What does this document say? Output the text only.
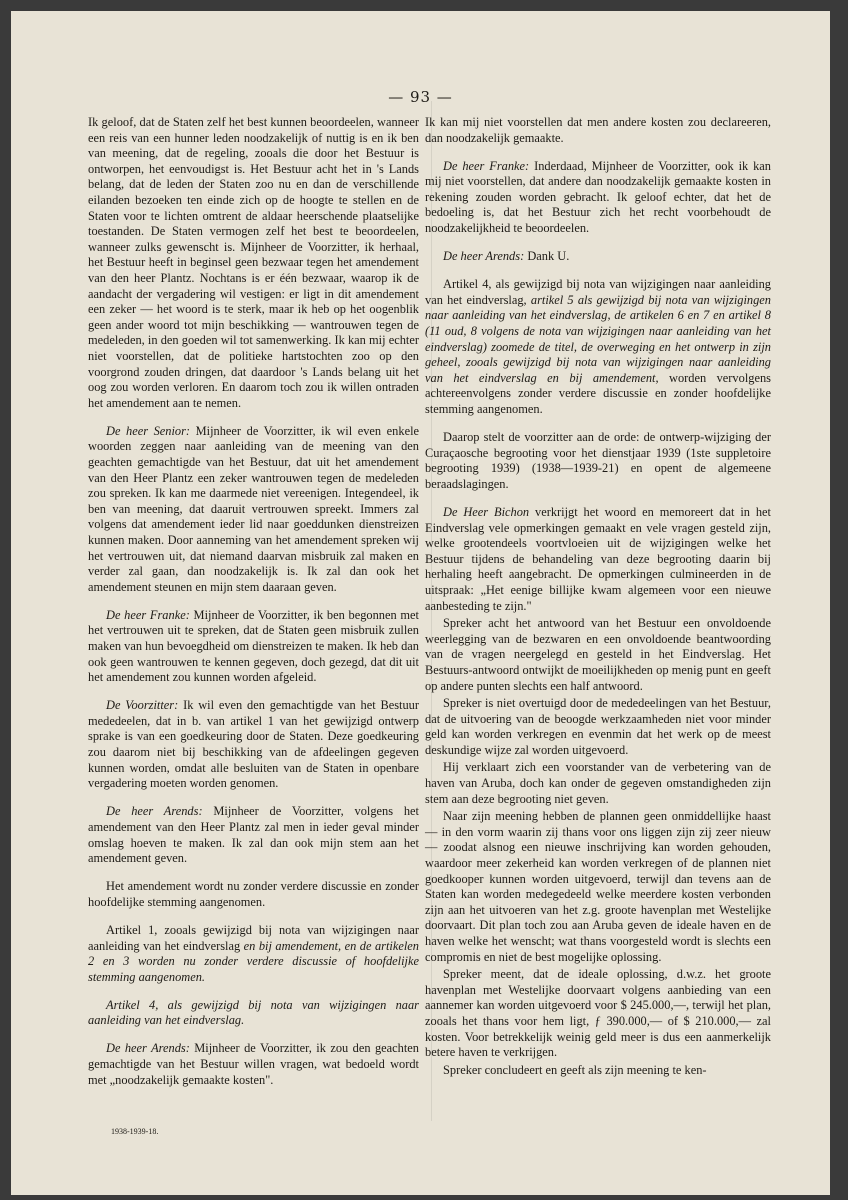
— 93 —

Ik geloof, dat de Staten zelf het best kunnen beoordeelen, wanneer een reis van een hunner leden noodzakelijk of nuttig is en ik ben van meening, dat de regeling, zooals die door het Bestuur is ontworpen, het eenvoudigst is. Het Bestuur acht het in 's Lands belang, dat de leden der Staten zoo nu en dan de verschillende eilanden bezoeken ten einde zich op de hoogte te stellen en de Staten voor te lichten omtrent de aldaar heerschende plaatselijke toestanden. De Staten vermogen zelf het best te beoordeelen, wanneer zulks gewenscht is. Mijnheer de Voorzitter, ik herhaal, het Bestuur heeft in beginsel geen bezwaar tegen het amendement van den heer Plantz. Nochtans is er één bezwaar, waarop ik de aandacht der vergadering wil vestigen: er ligt in dit amendement een zeker — het woord is te sterk, maar ik heb op het oogenblik geen ander woord tot mijn beschikking — wantrouwen tegen de medeleden, in den goeden wil tot samenwerking. Ik kan mij echter niet voorstellen, dat de politieke hartstochten zoo op den voorgrond zouden dringen, dat daardoor 's Lands belang uit het oog zou worden verloren. En daarom toch zou ik willen ontraden het amendement aan te nemen.

De heer Senior: Mijnheer de Voorzitter, ik wil even enkele woorden zeggen naar aanleiding van de meening van den geachten gemachtigde van het Bestuur, dat uit het amendement van den Heer Plantz een zeker wantrouwen tegen de medeleden zou spreken. Ik kan me daarmede niet vereenigen. Integendeel, ik ben van meening, dat daaruit vertrouwen spreekt. Immers zal volgens dat amendement ieder lid naar goeddunken dienstreizen kunnen maken. Door aanneming van het amendement spreken wij het vertrouwen uit, dat niemand daarvan misbruik zal maken en verder zal gaan, dan noodzakelijk is. Ik zal dan ook het amendement steunen en mijn stem daaraan geven.

De heer Franke: Mijnheer de Voorzitter, ik ben begonnen met het vertrouwen uit te spreken, dat de Staten geen misbruik zullen maken van hun bevoegdheid om dienstreizen te maken. Ik heb dan ook geen wantrouwen te kennen gegeven, doch gezegd, dat dit uit het amendement zou kunnen worden afgeleid.

De Voorzitter: Ik wil even den gemachtigde van het Bestuur mededeelen, dat in b. van artikel 1 van het gewijzigd ontwerp sprake is van een goedkeuring door de Staten. Deze goedkeuring zou daarom niet bij beschikking van de afdeelingen gegeven kunnen worden, omdat alle besluiten van de Staten in openbare vergadering moeten worden genomen.

De heer Arends: Mijnheer de Voorzitter, volgens het amendement van den Heer Plantz zal men in ieder geval minder omslag hoeven te maken. Ik zal dan ook mijn stem aan het amendement geven.

Het amendement wordt nu zonder verdere discussie en zonder hoofdelijke stemming aangenomen.

Artikel 1, zooals gewijzigd bij nota van wijzigingen naar aanleiding van het eindverslag en bij amendement, en de artikelen 2 en 3 worden nu zonder verdere discussie of hoofdelijke stemming aangenomen.

Artikel 4, als gewijzigd bij nota van wijzigingen naar aanleiding van het eindverslag.

De heer Arends: Mijnheer de Voorzitter, ik zou den geachten gemachtigde van het Bestuur willen vragen, wat bedoeld wordt met „noodzakelijk gemaakte kosten".

Ik kan mij niet voorstellen dat men andere kosten zou declareeren, dan noodzakelijk gemaakte.

De heer Franke: Inderdaad, Mijnheer de Voorzitter, ook ik kan mij niet voorstellen, dat andere dan noodzakelijk gemaakte kosten in rekening zouden worden gebracht. Ik geloof echter, dat het de bedoeling is, dat het Bestuur zich het recht voorbehoudt de noodzakelijkheid te beoordeelen.

De heer Arends: Dank U.

Artikel 4, als gewijzigd bij nota van wijzigingen naar aanleiding van het eindverslag, artikel 5 als gewijzigd bij nota van wijzigingen naar aanleiding van het eindverslag, de artikelen 6 en 7 en artikel 8 (11 oud, 8 volgens de nota van wijzigingen naar aanleiding van het eindverslag) zoomede de titel, de overweging en het ontwerp in zijn geheel, zooals gewijzigd bij nota van wijzigingen naar aanleiding van het eindverslag en bij amendement, worden vervolgens achtereenvolgens zonder verdere discussie en zonder hoofdelijke stemming aangenomen.

Daarop stelt de voorzitter aan de orde: de ontwerp-wijziging der Curaçaosche begrooting voor het dienstjaar 1939 (1ste suppletoire begrooting 1939) (1938—1939-21) en opent de algemeene beraadslagingen.

De Heer Bichon verkrijgt het woord en memoreert dat in het Eindverslag vele opmerkingen gemaakt en vele vragen gesteld zijn, welke grootendeels voortvloeien uit de wijzigingen welke het Bestuur tijdens de behandeling van deze begrooting daarin bij herhaling heeft aangebracht. De opmerkingen culmineerden in de uitspraak: „Het eenige billijke kwam algemeen voor een nieuwe aanbesteding te zijn."

Spreker acht het antwoord van het Bestuur een onvoldoende weerlegging van de bezwaren en een onvoldoende beantwoording van de vragen neergelegd en gesteld in het Eindverslag. Het Bestuurs-antwoord ontwijkt de moeilijkheden op menig punt en geeft op andere punten slechts een half antwoord.

Spreker is niet overtuigd door de mededeelingen van het Bestuur, dat de uitvoering van de beoogde werkzaamheden niet voor minder geld kan worden verkregen en evenmin dat het werk op de meest deskundige wijze zal worden uitgevoerd.

Hij verklaart zich een voorstander van de verbetering van de haven van Aruba, doch kan onder de gegeven omstandigheden zijn stem aan deze begrooting niet geven.

Naar zijn meening hebben de plannen geen onmiddellijke haast — in den vorm waarin zij thans voor ons liggen zijn zij zeer nieuw — zoodat alsnog een nieuwe inschrijving kan worden gehouden, waardoor meer zekerheid kan worden verkregen of de plannen niet goedkooper kunnen worden uitgevoerd, terwijl dan tevens aan de Staten kan worden medegedeeld welke meerdere kosten verbonden zijn aan het uitvoeren van het z.g. groote havenplan met Westelijke doorvaart. Dit plan toch zou aan Aruba geven de ideale haven en de haven welke het wenscht; wat thans voorgesteld wordt is slechts een compromis en niet de best mogelijke oplossing.

Spreker meent, dat de ideale oplossing, d.w.z. het groote havenplan met Westelijke doorvaart volgens aanbieding van een aannemer kan worden uitgevoerd voor $ 245.000,—, terwijl het plan, zooals het thans voor hem ligt, ƒ 390.000,— of $ 210.000,— zal kosten. Voor betrekkelijk weinig geld meer is dus een aanmerkelijk betere haven te verkrijgen.

Spreker concludeert en geeft als zijn meening te ken-

1938-1939-18.
